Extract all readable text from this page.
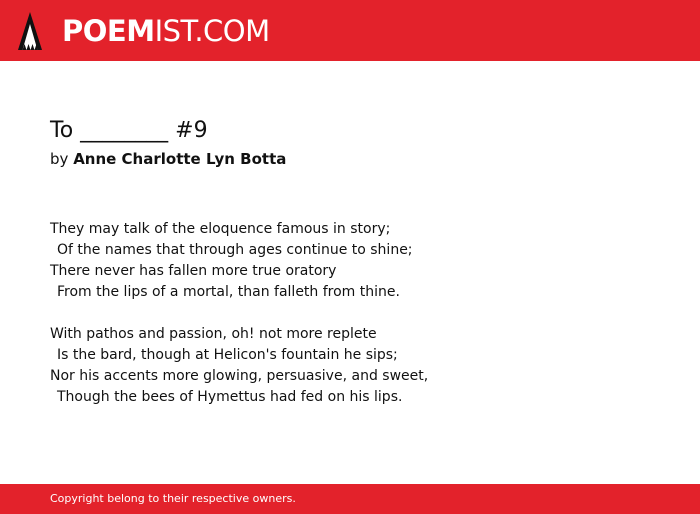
POEMIST.COM
To ________ #9
by Anne Charlotte Lyn Botta
They may talk of the eloquence famous in story;
Of the names that through ages continue to shine;
There never has fallen more true oratory
From the lips of a mortal, than falleth from thine.
With pathos and passion, oh! not more replete
Is the bard, though at Helicon's fountain he sips;
Nor his accents more glowing, persuasive, and sweet,
Though the bees of Hymettus had fed on his lips.
Copyright belong to their respective owners.
